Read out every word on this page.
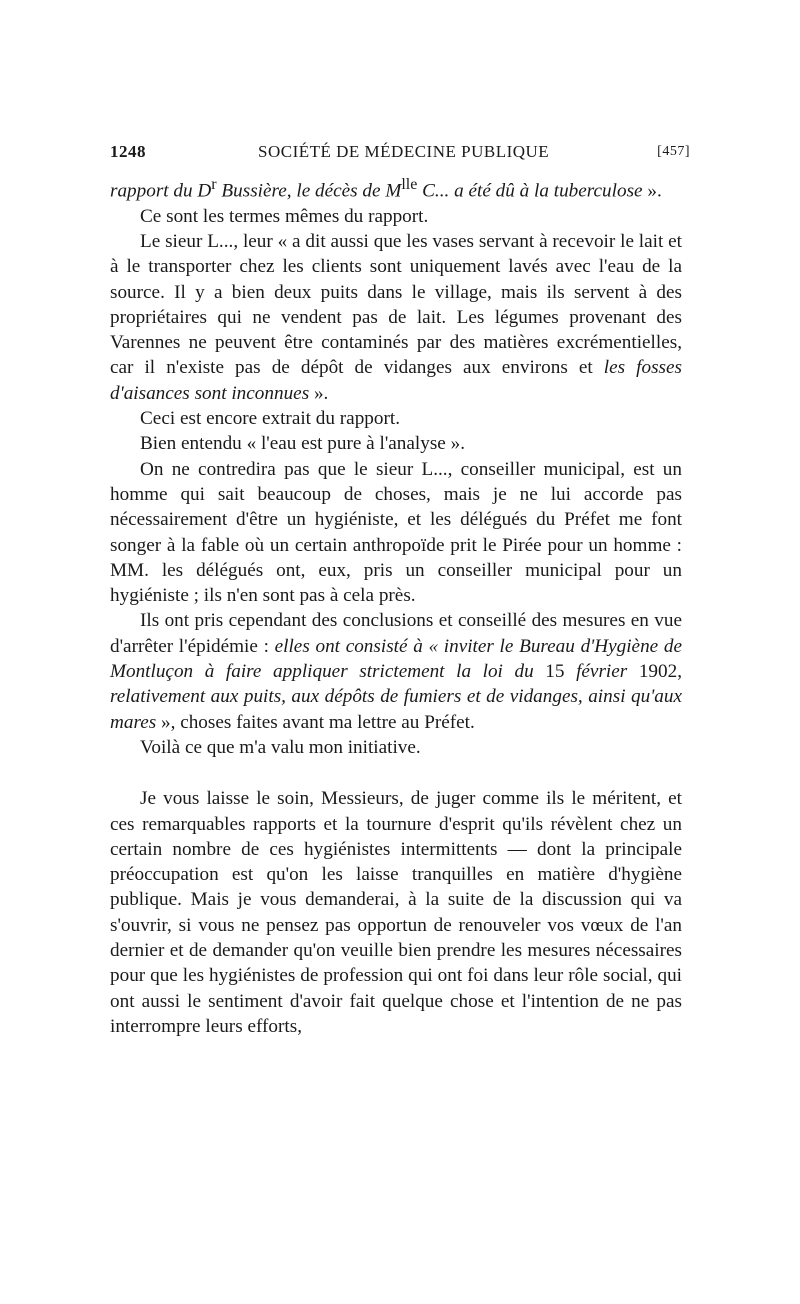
1248	SOCIÉTÉ DE MÉDECINE PUBLIQUE	[457]

rapport du $D^r$ Bussière, le décès de $M^{lle}$ C... a été dû à la tuberculose ».

Ce sont les termes mêmes du rapport.

Le sieur L..., leur « a dit aussi que les vases servant à recevoir le lait et à le transporter chez les clients sont uniquement lavés avec l'eau de la source. Il y a bien deux puits dans le village, mais ils servent à des propriétaires qui ne vendent pas de lait. Les légumes provenant des Varennes ne peuvent être contaminés par des matières excrémentielles, car il n'existe pas de dépôt de vidanges aux environs et les fosses d'aisances sont inconnues ».

Ceci est encore extrait du rapport.

Bien entendu « l'eau est pure à l'analyse ».

On ne contredira pas que le sieur L..., conseiller municipal, est un homme qui sait beaucoup de choses, mais je ne lui accorde pas nécessairement d'être un hygiéniste, et les délégués du Préfet me font songer à la fable où un certain anthropoïde prit le Pirée pour un homme : MM. les délégués ont, eux, pris un conseiller municipal pour un hygiéniste ; ils n'en sont pas à cela près.

Ils ont pris cependant des conclusions et conseillé des mesures en vue d'arrêter l'épidémie : elles ont consisté à « inviter le Bureau d'Hygiène de Montluçon à faire appliquer strictement la loi du 15 février 1902, relativement aux puits, aux dépôts de fumiers et de vidanges, ainsi qu'aux mares », choses faites avant ma lettre au Préfet.

Voilà ce que m'a valu mon initiative.

Je vous laisse le soin, Messieurs, de juger comme ils le méritent, et ces remarquables rapports et la tournure d'esprit qu'ils révèlent chez un certain nombre de ces hygiénistes intermittents — dont la principale préoccupation est qu'on les laisse tranquilles en matière d'hygiène publique. Mais je vous demanderai, à la suite de la discussion qui va s'ouvrir, si vous ne pensez pas opportun de renouveler vos vœux de l'an dernier et de demander qu'on veuille bien prendre les mesures nécessaires pour que les hygiénistes de profession qui ont foi dans leur rôle social, qui ont aussi le sentiment d'avoir fait quelque chose et l'intention de ne pas interrompre leurs efforts,
